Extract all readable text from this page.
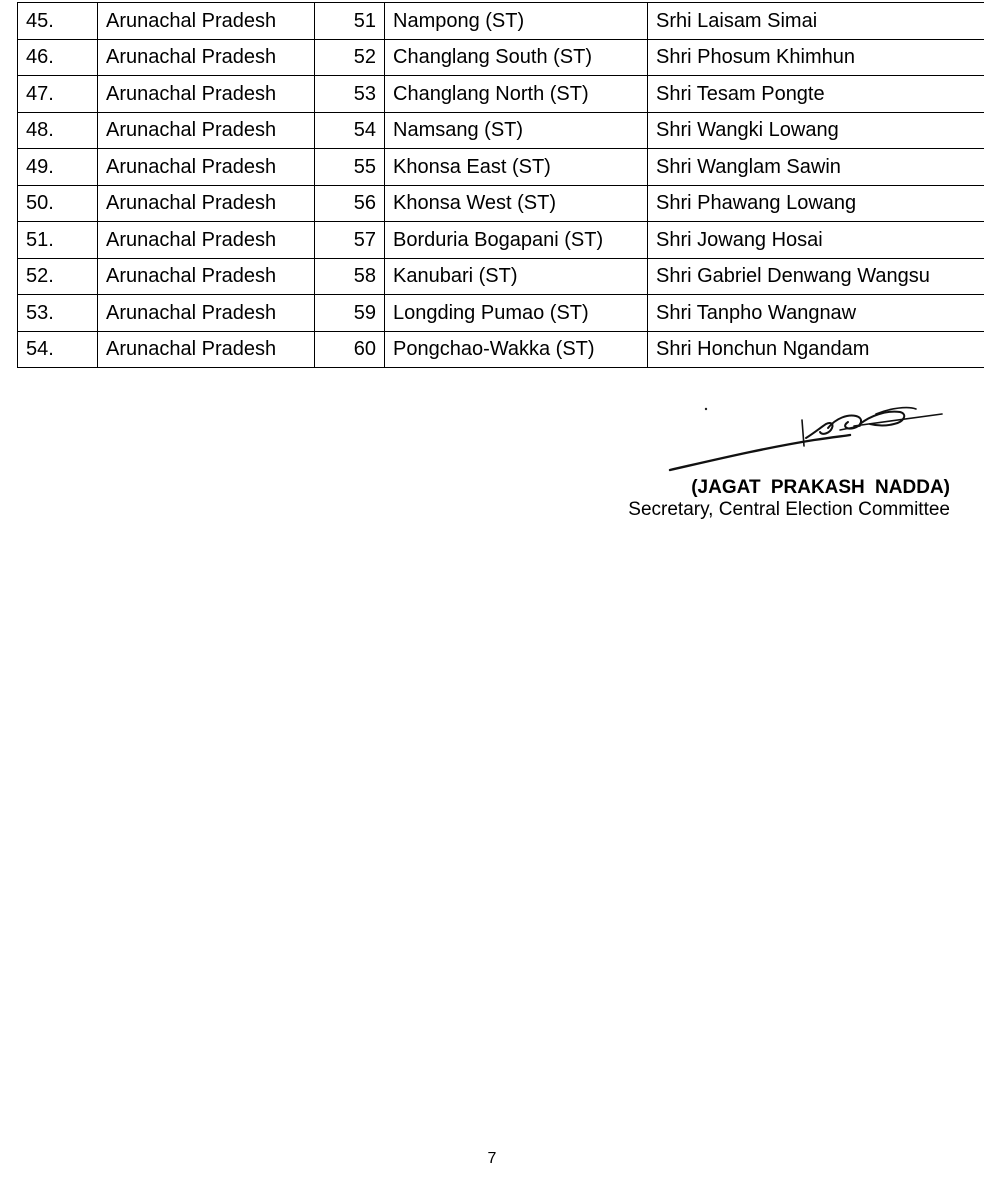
45.	Arunachal Pradesh	51	Nampong (ST)	Srhi Laisam Simai
46.	Arunachal Pradesh	52	Changlang South (ST)	Shri Phosum Khimhun
47.	Arunachal Pradesh	53	Changlang North (ST)	Shri Tesam Pongte
48.	Arunachal Pradesh	54	Namsang (ST)	Shri Wangki Lowang
49.	Arunachal Pradesh	55	Khonsa East (ST)	Shri Wanglam Sawin
50.	Arunachal Pradesh	56	Khonsa West (ST)	Shri Phawang Lowang
51.	Arunachal Pradesh	57	Borduria Bogapani (ST)	Shri Jowang Hosai
52.	Arunachal Pradesh	58	Kanubari (ST)	Shri Gabriel Denwang Wangsu
53.	Arunachal Pradesh	59	Longding Pumao (ST)	Shri Tanpho Wangnaw
54.	Arunachal Pradesh	60	Pongchao-Wakka (ST)	Shri Honchun Ngandam
(JAGAT PRAKASH NADDA)
Secretary, Central Election Committee
7
